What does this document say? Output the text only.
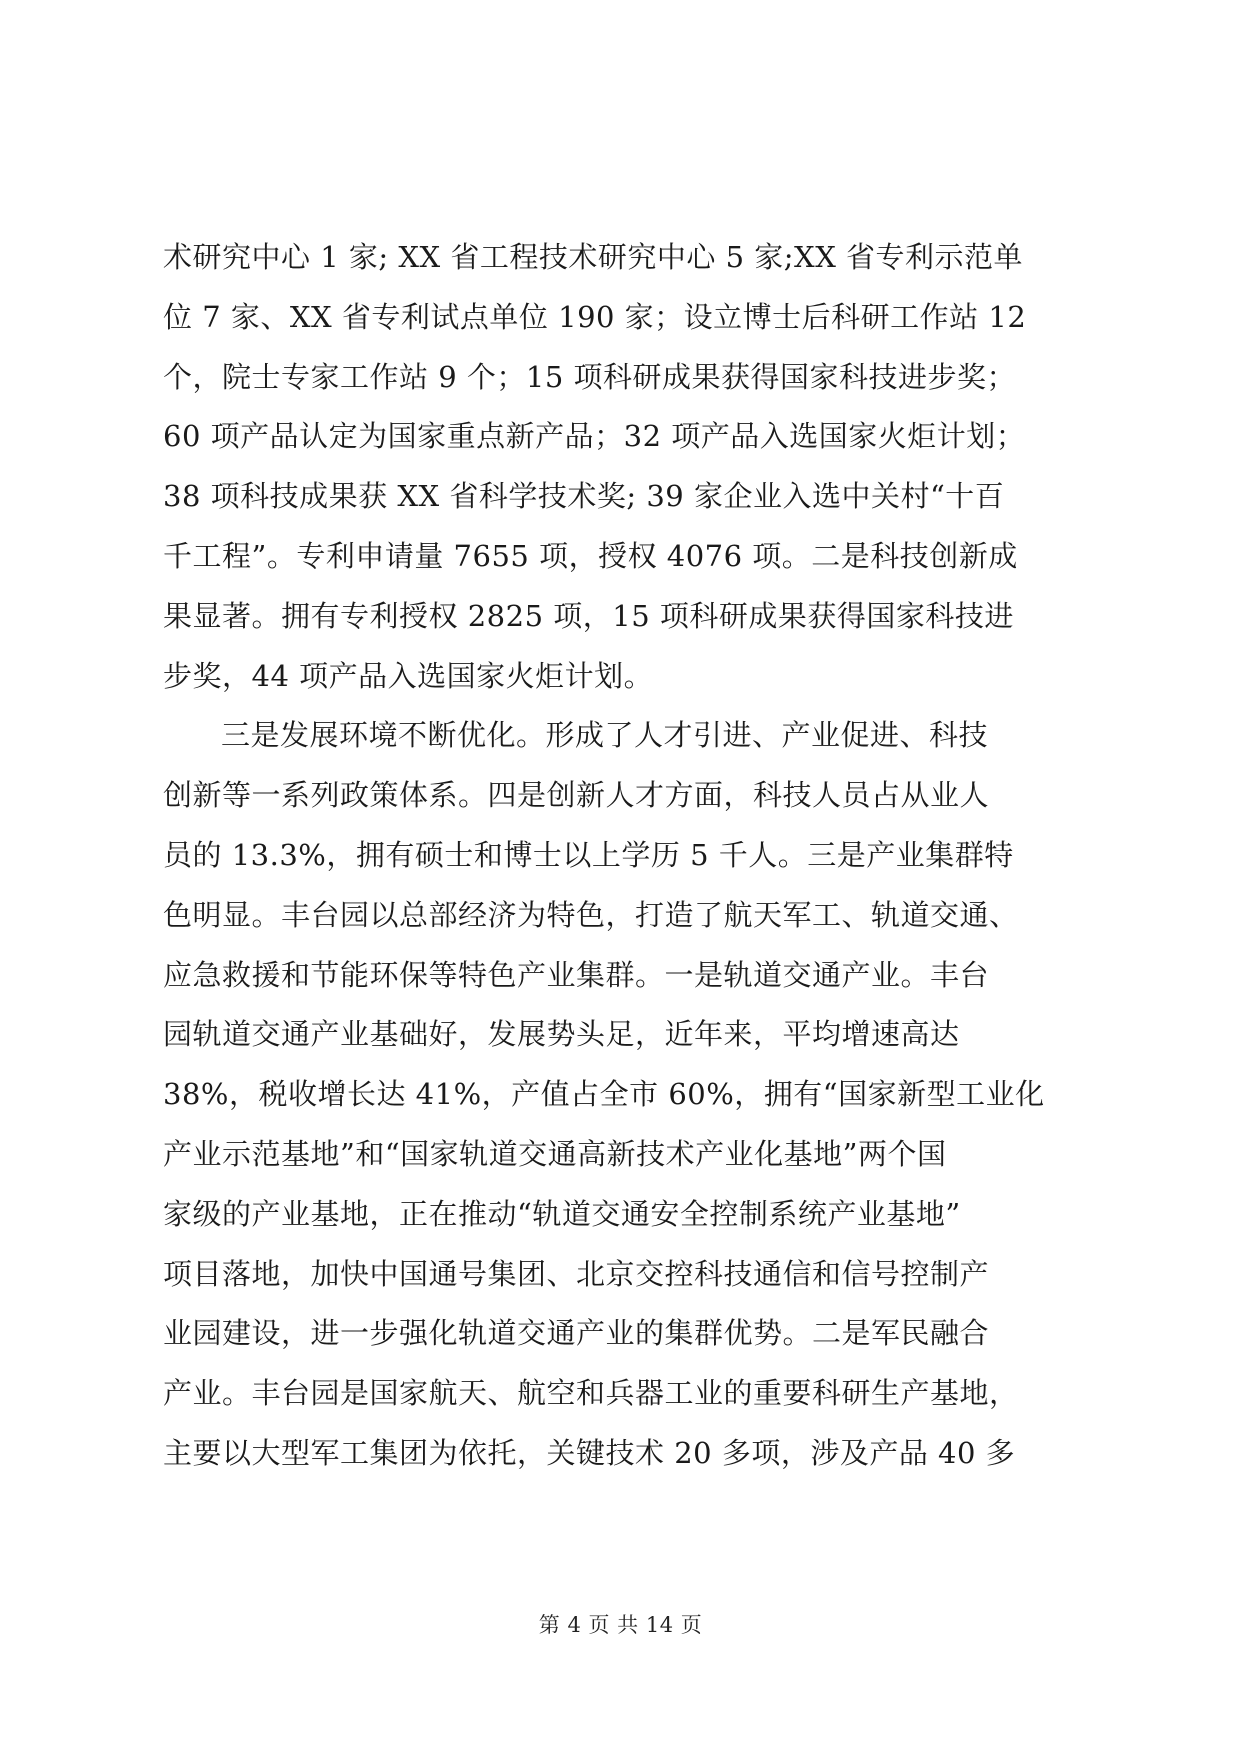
术研究中心 1 家; XX 省工程技术研究中心 5 家;XX 省专利示范单
位 7 家、XX 省专利试点单位 190 家；设立博士后科研工作站 12
个，院士专家工作站 9 个；15 项科研成果获得国家科技进步奖；
60 项产品认定为国家重点新产品；32 项产品入选国家火炬计划；
38 项科技成果获 XX 省科学技术奖; 39 家企业入选中关村“十百
千工程”。专利申请量 7655 项，授权 4076 项。二是科技创新成
果显著。拥有专利授权 2825 项，15 项科研成果获得国家科技进
步奖，44 项产品入选国家火炬计划。
三是发展环境不断优化。形成了人才引进、产业促进、科技
创新等一系列政策体系。四是创新人才方面，科技人员占从业人
员的 13.3%，拥有硕士和博士以上学历 5 千人。三是产业集群特
色明显。丰台园以总部经济为特色，打造了航天军工、轨道交通、
应急救援和节能环保等特色产业集群。一是轨道交通产业。丰台
园轨道交通产业基础好，发展势头足，近年来，平均增速高达
38%，税收增长达 41%，产值占全市 60%，拥有“国家新型工业化
产业示范基地”和“国家轨道交通高新技术产业化基地”两个国
家级的产业基地，正在推动“轨道交通安全控制系统产业基地”
项目落地，加快中国通号集团、北京交控科技通信和信号控制产
业园建设，进一步强化轨道交通产业的集群优势。二是军民融合
产业。丰台园是国家航天、航空和兵器工业的重要科研生产基地，
主要以大型军工集团为依托，关键技术 20 多项，涉及产品 40 多
第 4 页 共 14 页
